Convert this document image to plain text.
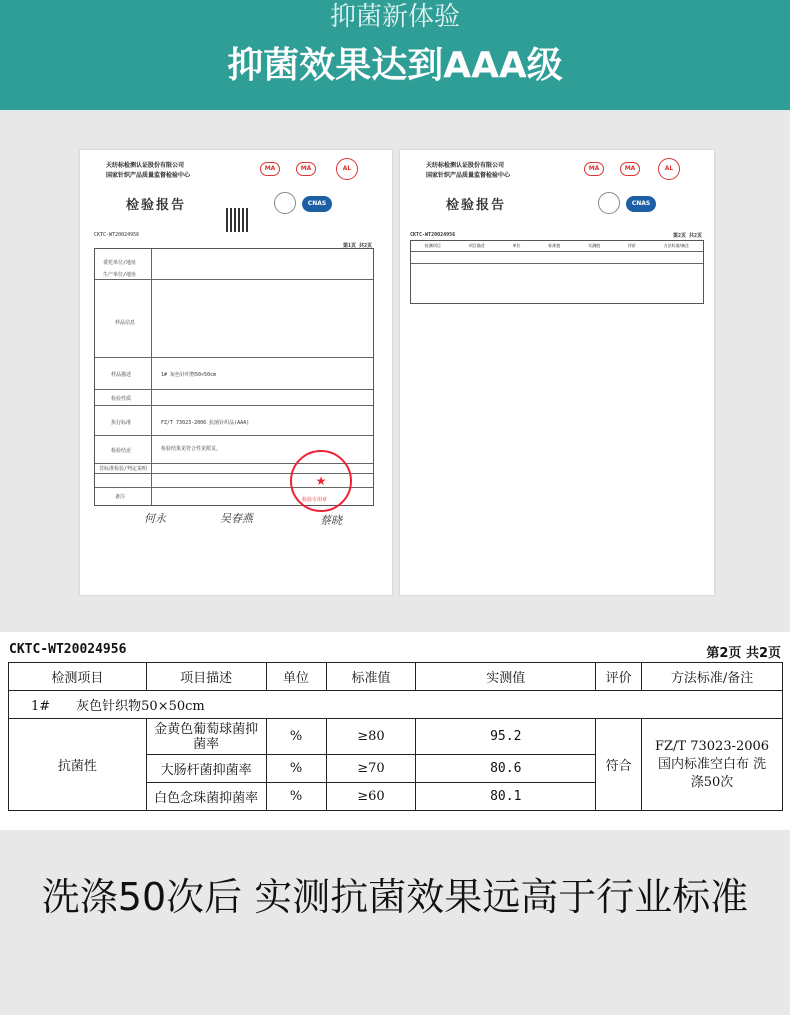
抑菌新体验
抑菌效果达到AAA级
天纺标检测认证股份有限公司
国家针织产品质量监督检验中心
MA	MA	AL
CNAS
检验报告
CKTC-WT20024956
第1页 共2页
委托单位/地址
生产单位/地址
样品信息
样品描述	1# 灰色针织物50×50cm
检验性质
执行标准	FZ/T 73023-2006 抗菌针织品(AAA)
检验结论	检验结果见符合性见附页。
非标准检验/判定说明
备注
★
检验专用章
何永	吴春燕	蔡晓
天纺标检测认证股份有限公司
国家针织产品质量监督检验中心
MA	MA	AL
CNAS
检验报告
CKTC-WT20024956	第2页 共2页
检测项目	项目描述	单位	标准值	实测值	评价	方法标准/备注
CKTC-WT20024956	第2页 共2页
检测项目	项目描述	单位	标准值	实测值	评价	方法标准/备注
1#　　灰色针织物50×50cm						
抗菌性	金黄色葡萄球菌抑菌率	%	≥80	95.2	符合	FZ/T 73023-2006 国内标准空白布 洗涤50次
	大肠杆菌抑菌率	%	≥70	80.6		
	白色念珠菌抑菌率	%	≥60	80.1		
洗涤50次后 实测抗菌效果远高于行业标准
